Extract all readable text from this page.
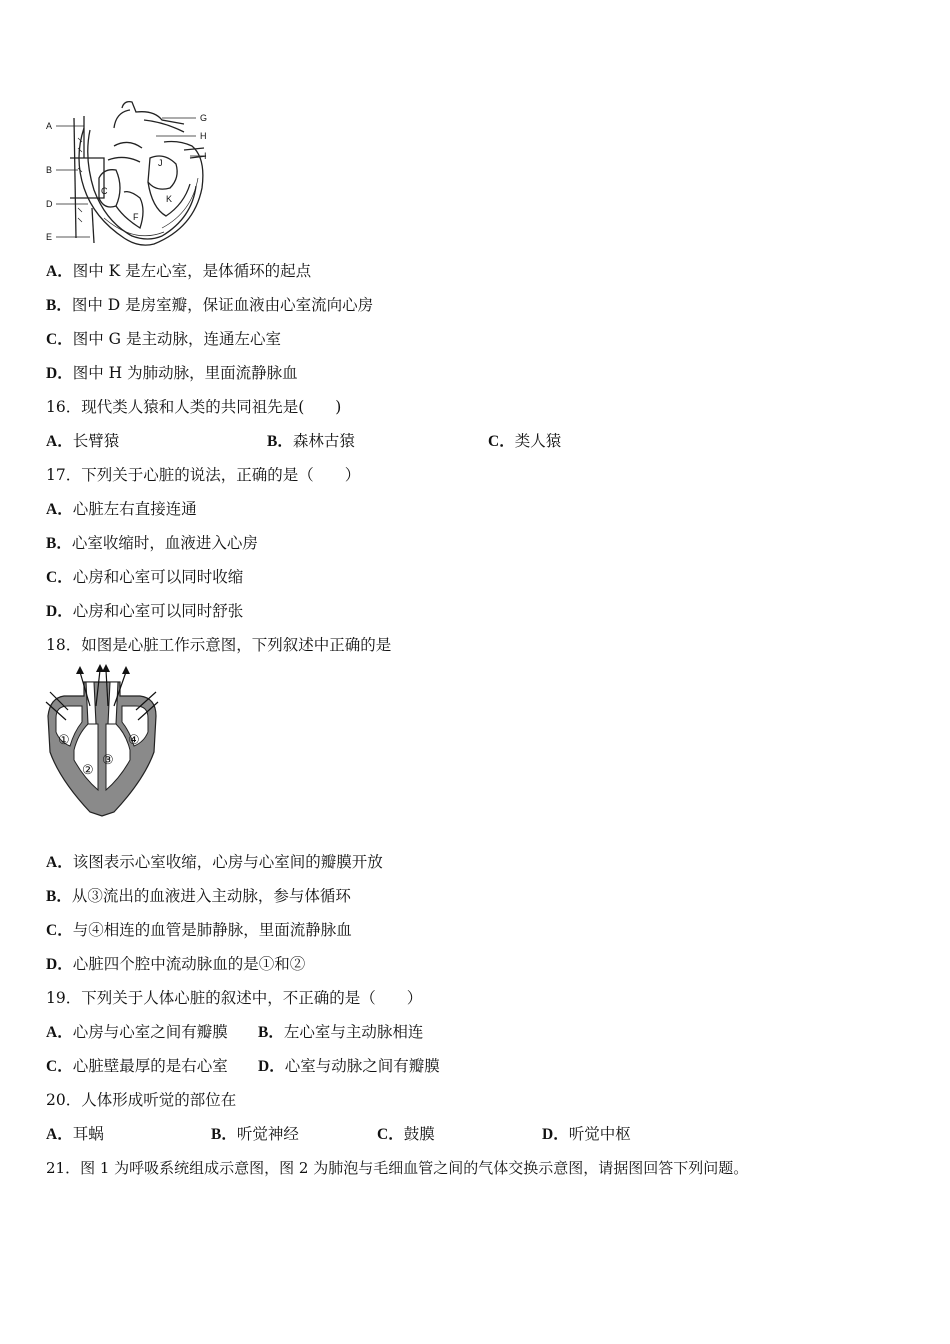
A
B
D
E
G
H
I
C
F
J
K
A．图中 K 是左心室，是体循环的起点
B．图中 D 是房室瓣，保证血液由心室流向心房
C．图中 G 是主动脉，连通左心室
D．图中 H 为肺动脉，里面流静脉血
16．现代类人猿和人类的共同祖先是(　　)
A．长臂猿	B．森林古猿	C．类人猿
17．下列关于心脏的说法，正确的是（　　）
A．心脏左右直接连通
B．心室收缩时，血液进入心房
C．心房和心室可以同时收缩
D．心房和心室可以同时舒张
18．如图是心脏工作示意图，下列叙述中正确的是
①
②
③
④
A．该图表示心室收缩，心房与心室间的瓣膜开放
B．从③流出的血液进入主动脉，参与体循环
C．与④相连的血管是肺静脉，里面流静脉血
D．心脏四个腔中流动脉血的是①和②
19．下列关于人体心脏的叙述中，不正确的是（　　）
A．心房与心室之间有瓣膜 B．左心室与主动脉相连
C．心脏壁最厚的是右心室 D．心室与动脉之间有瓣膜
20．人体形成听觉的部位在
A．耳蜗	B．听觉神经	C．鼓膜	D．听觉中枢
21．图 1 为呼吸系统组成示意图，图 2 为肺泡与毛细血管之间的气体交换示意图，请据图回答下列问题。
